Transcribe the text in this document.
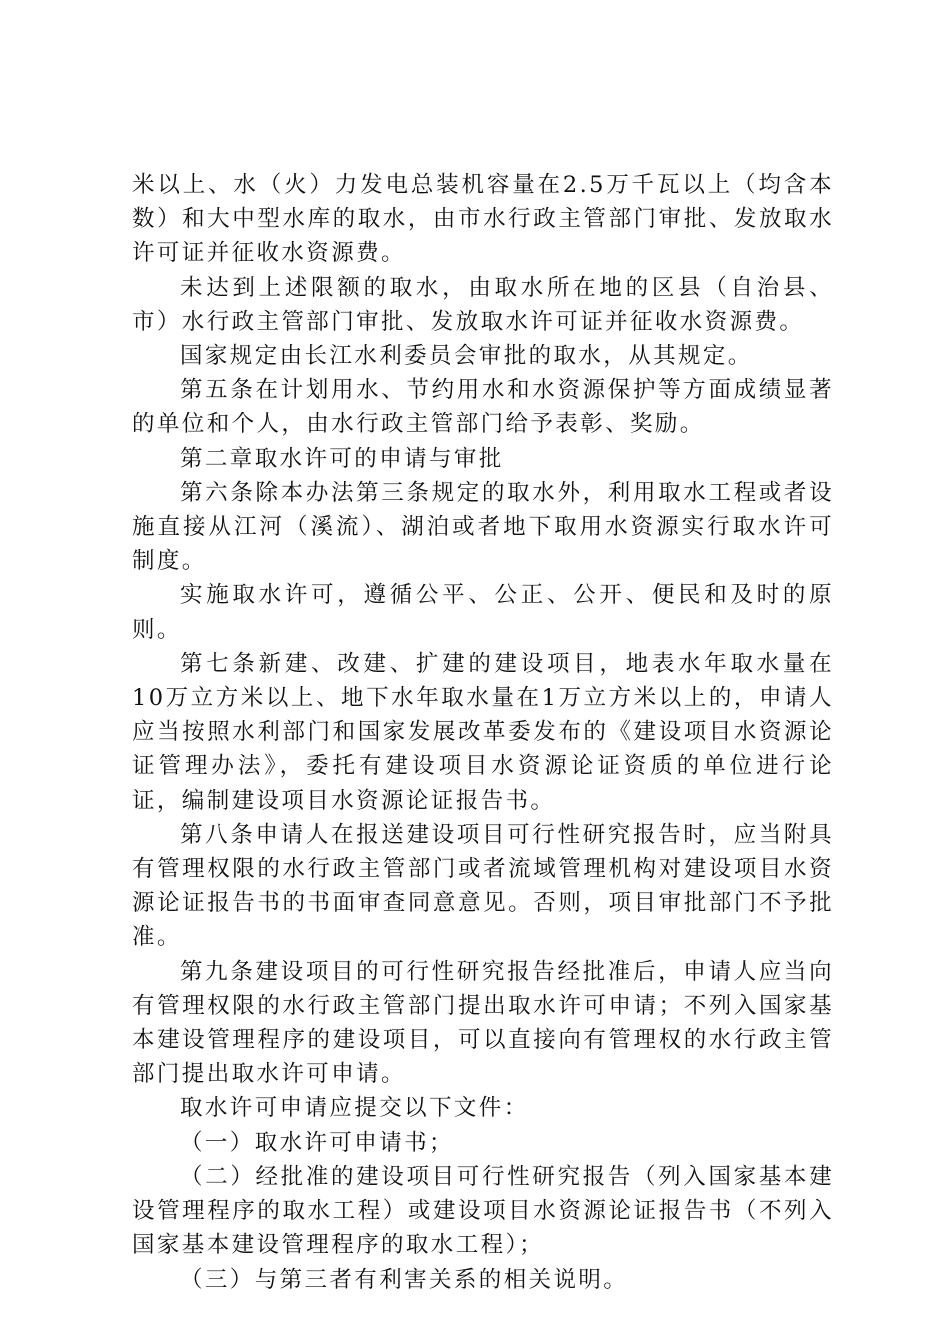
米以上、水（火）力发电总装机容量在2.5万千瓦以上（均含本数）和大中型水库的取水，由市水行政主管部门审批、发放取水许可证并征收水资源费。

未达到上述限额的取水，由取水所在地的区县（自治县、市）水行政主管部门审批、发放取水许可证并征收水资源费。

国家规定由长江水利委员会审批的取水，从其规定。

第五条在计划用水、节约用水和水资源保护等方面成绩显著的单位和个人，由水行政主管部门给予表彰、奖励。

第二章取水许可的申请与审批

第六条除本办法第三条规定的取水外，利用取水工程或者设施直接从江河（溪流）、湖泊或者地下取用水资源实行取水许可制度。

实施取水许可，遵循公平、公正、公开、便民和及时的原则。

第七条新建、改建、扩建的建设项目，地表水年取水量在10万立方米以上、地下水年取水量在1万立方米以上的，申请人应当按照水利部门和国家发展改革委发布的《建设项目水资源论证管理办法》，委托有建设项目水资源论证资质的单位进行论证，编制建设项目水资源论证报告书。

第八条申请人在报送建设项目可行性研究报告时，应当附具有管理权限的水行政主管部门或者流域管理机构对建设项目水资源论证报告书的书面审查同意意见。否则，项目审批部门不予批准。

第九条建设项目的可行性研究报告经批准后，申请人应当向有管理权限的水行政主管部门提出取水许可申请；不列入国家基本建设管理程序的建设项目，可以直接向有管理权的水行政主管部门提出取水许可申请。

取水许可申请应提交以下文件：

（一）取水许可申请书；

（二）经批准的建设项目可行性研究报告（列入国家基本建设管理程序的取水工程）或建设项目水资源论证报告书（不列入国家基本建设管理程序的取水工程）；

（三）与第三者有利害关系的相关说明。
